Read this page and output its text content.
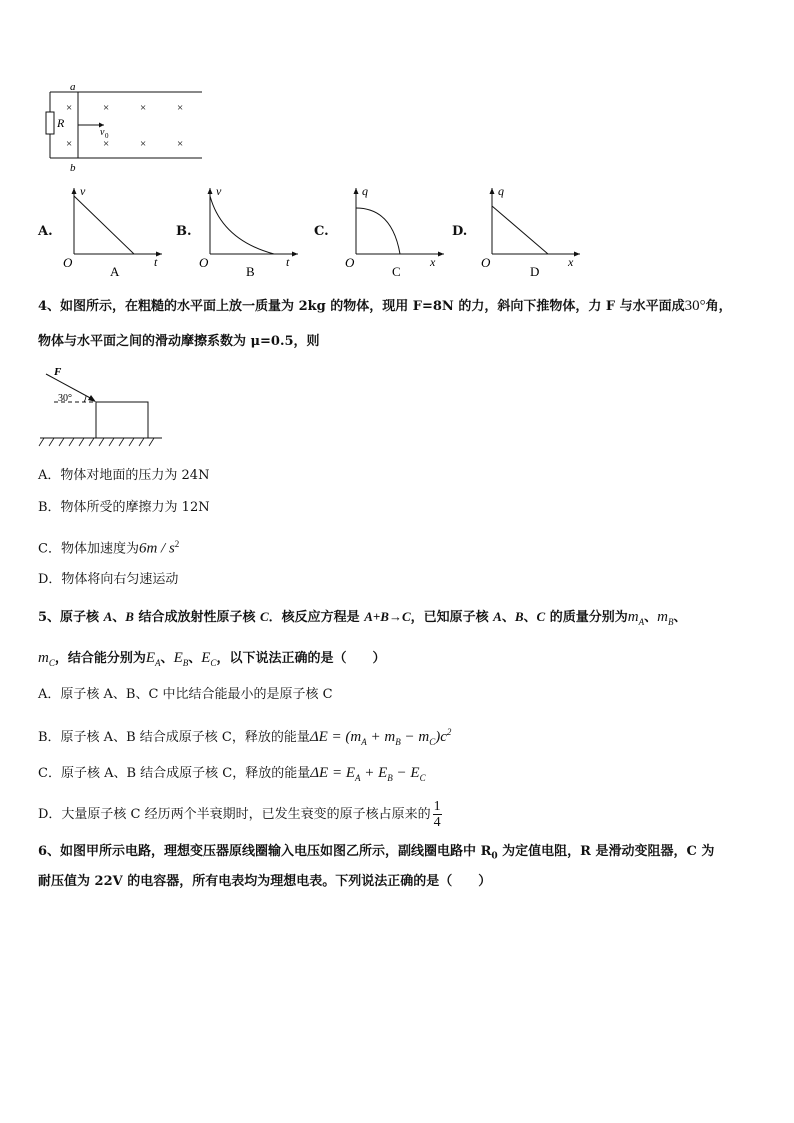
×	×	×	×
×	×	×	×
a
b
R
v 0
A.
v
t
O
A
B.
v
t
O
B
C.
q
x
O
C
D.
q
x
O
D
4、如图所示，在粗糙的水平面上放一质量为 2kg 的物体，现用 F=8N 的力，斜向下推物体，力 F 与水平面成30°角，
物体与水平面之间的滑动摩擦系数为 μ=0.5，则
F
30°
A．物体对地面的压力为 24N
B．物体所受的摩擦力为 12N
C．物体加速度为$6m / s^2$
D．物体将向右匀速运动
5、原子核 A、B 结合成放射性原子核 C．核反应方程是 A+B→C，已知原子核 A、B、C 的质量分别为$m_A$、$m_B$、
$m_C$，结合能分别为$E_A$、$E_B$、$E_C$，以下说法正确的是（　　）
A．原子核 A、B、C 中比结合能最小的是原子核 C
B．原子核 A、B 结合成原子核 C，释放的能量$\Delta E = (m_A + m_B - m_C)c^2$
C．原子核 A、B 结合成原子核 C，释放的能量$\Delta E = E_A + E_B - E_C$
D．大量原子核 C 经历两个半衰期时，已发生衰变的原子核占原来的 $\frac{1}{4}$
6、如图甲所示电路，理想变压器原线圈输入电压如图乙所示，副线圈电路中 $R_0$ 为定值电阻，R 是滑动变阻器，C 为
耐压值为 22V 的电容器，所有电表均为理想电表。下列说法正确的是（　　）
